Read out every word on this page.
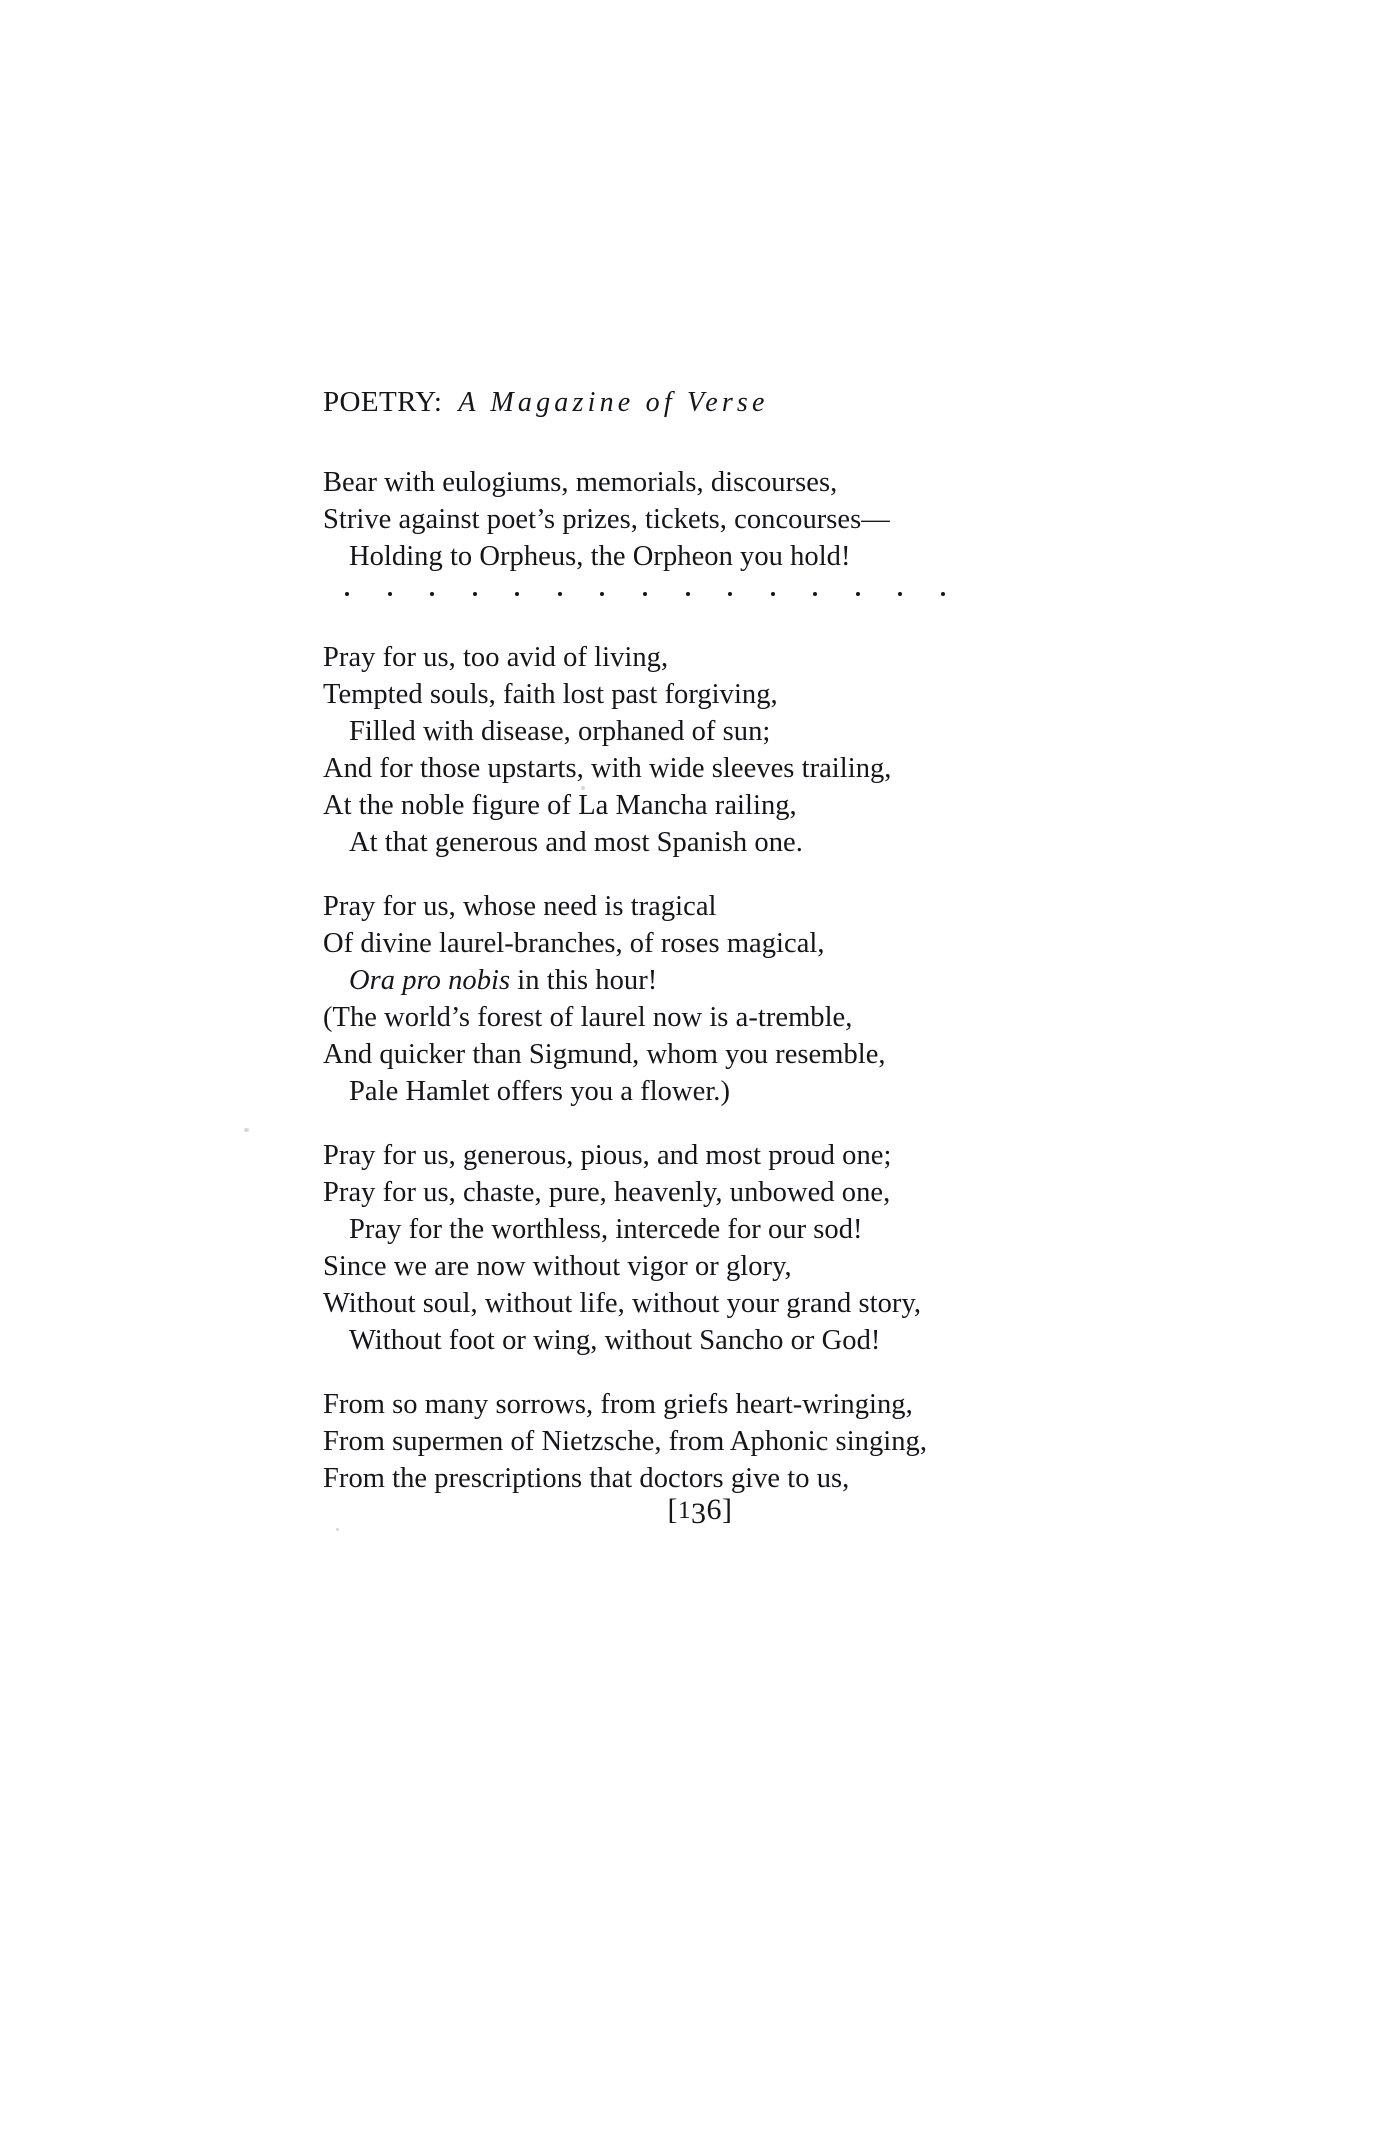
POETRY: A Magazine of Verse
Bear with eulogiums, memorials, discourses,
Strive against poet’s prizes, tickets, concourses—
Holding to Orpheus, the Orpheon you hold!
Pray for us, too avid of living,
Tempted souls, faith lost past forgiving,
Filled with disease, orphaned of sun;
And for those upstarts, with wide sleeves trailing,
At the noble figure of La Mancha railing,
At that generous and most Spanish one.
Pray for us, whose need is tragical
Of divine laurel-branches, of roses magical,
Ora pro nobis in this hour!
(The world’s forest of laurel now is a-tremble,
And quicker than Sigmund, whom you resemble,
Pale Hamlet offers you a flower.)
Pray for us, generous, pious, and most proud one;
Pray for us, chaste, pure, heavenly, unbowed one,
Pray for the worthless, intercede for our sod!
Since we are now without vigor or glory,
Without soul, without life, without your grand story,
Without foot or wing, without Sancho or God!
From so many sorrows, from griefs heart-wringing,
From supermen of Nietzsche, from Aphonic singing,
From the prescriptions that doctors give to us,
[136]
